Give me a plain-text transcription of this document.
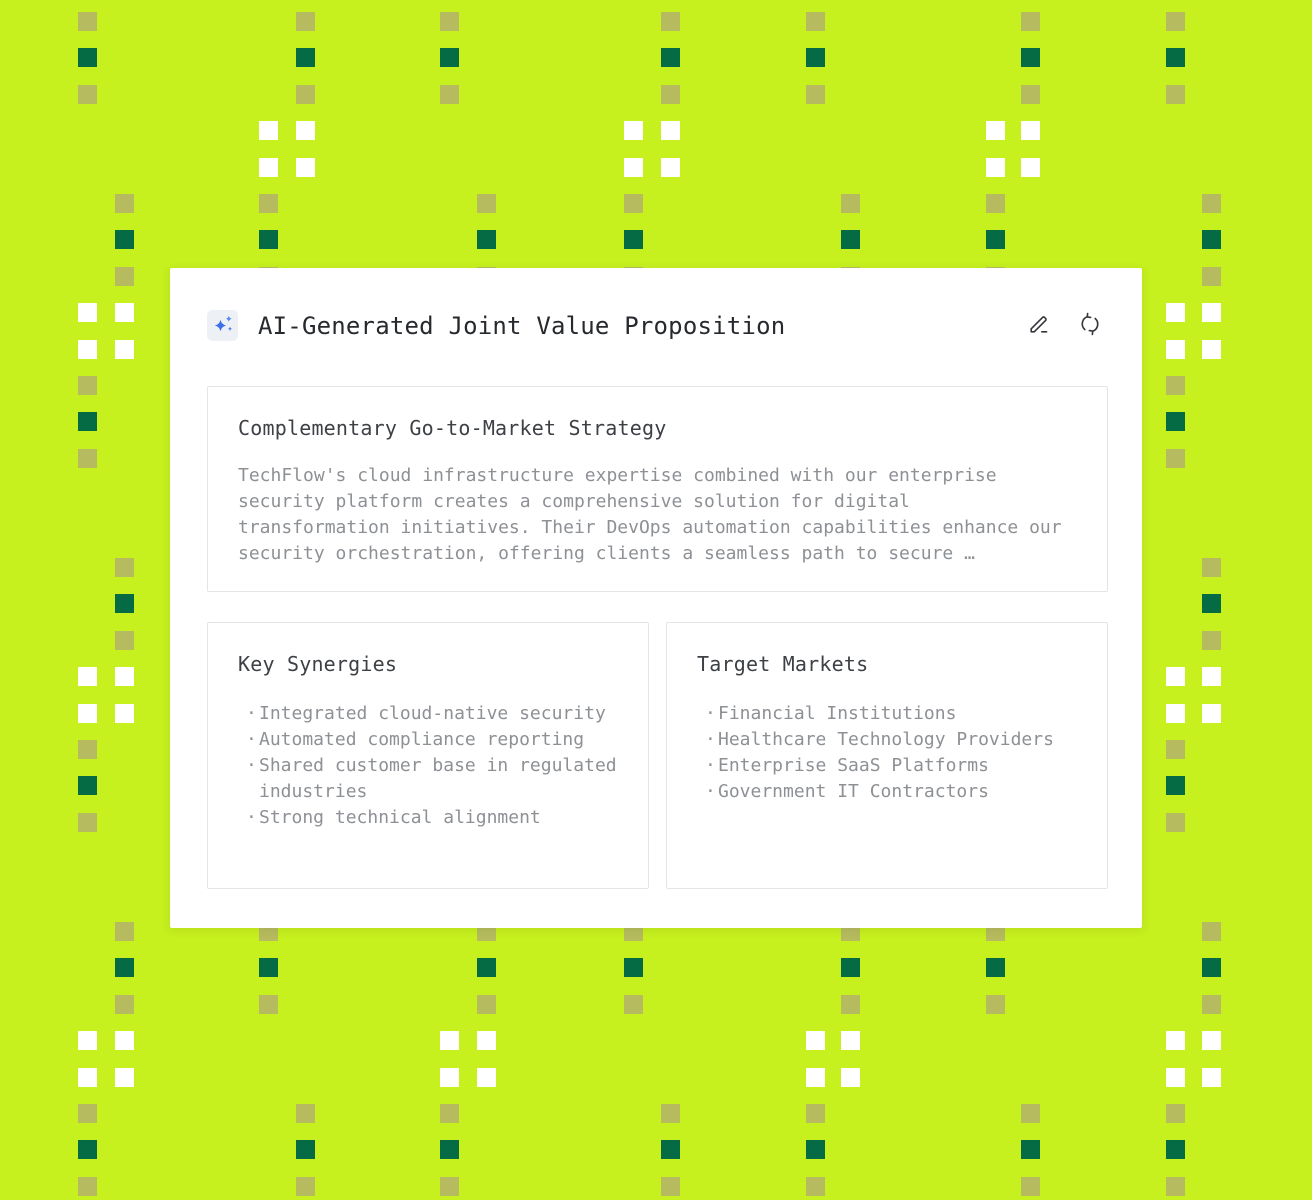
AI-Generated Joint Value Proposition
Complementary Go-to-Market Strategy

TechFlow's cloud infrastructure expertise combined with our enterprise security platform creates a comprehensive solution for digital transformation initiatives. Their DevOps automation capabilities enhance our security orchestration, offering clients a seamless path to secure …

Key Synergies
· Integrated cloud-native security
· Automated compliance reporting
· Shared customer base in regulated industries
· Strong technical alignment
Target Markets
· Financial Institutions
· Healthcare Technology Providers
· Enterprise SaaS Platforms
· Government IT Contractors
